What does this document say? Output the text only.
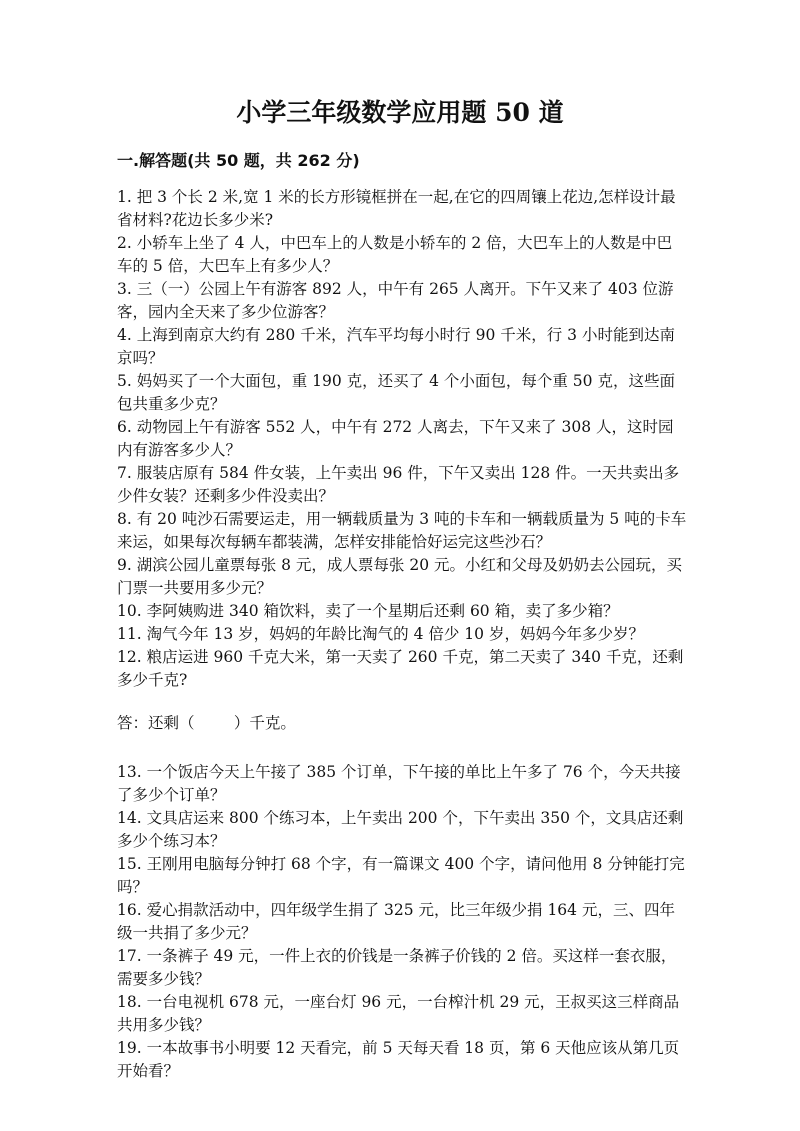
小学三年级数学应用题 50 道
一.解答题(共 50 题，共 262 分)

1. 把 3 个长 2 米,宽 1 米的长方形镜框拼在一起,在它的四周镶上花边,怎样设计最省材料?花边长多少米?

2. 小轿车上坐了 4 人，中巴车上的人数是小轿车的 2 倍，大巴车上的人数是中巴车的 5 倍，大巴车上有多少人？

3. 三（一）公园上午有游客 892 人，中午有 265 人离开。下午又来了 403 位游客，园内全天来了多少位游客？

4. 上海到南京大约有 280 千米，汽车平均每小时行 90 千米，行 3 小时能到达南京吗？

5. 妈妈买了一个大面包，重 190 克，还买了 4 个小面包，每个重 50 克，这些面包共重多少克？

6. 动物园上午有游客 552 人，中午有 272 人离去，下午又来了 308 人，这时园内有游客多少人？

7. 服装店原有 584 件女装，上午卖出 96 件，下午又卖出 128 件。一天共卖出多少件女装？还剩多少件没卖出？

8. 有 20 吨沙石需要运走，用一辆载质量为 3 吨的卡车和一辆载质量为 5 吨的卡车来运，如果每次每辆车都装满，怎样安排能恰好运完这些沙石？

9. 湖滨公园儿童票每张 8 元，成人票每张 20 元。小红和父母及奶奶去公园玩，买门票一共要用多少元？

10. 李阿姨购进 340 箱饮料，卖了一个星期后还剩 60 箱，卖了多少箱？

11. 淘气今年 13 岁，妈妈的年龄比淘气的 4 倍少 10 岁，妈妈今年多少岁？

12. 粮店运进 960 千克大米，第一天卖了 260 千克，第二天卖了 340 千克，还剩多少千克?

答：还剩（        ）千克。

13. 一个饭店今天上午接了 385 个订单，下午接的单比上午多了 76 个，今天共接了多少个订单？

14. 文具店运来 800 个练习本，上午卖出 200 个，下午卖出 350 个，文具店还剩多少个练习本？

15. 王刚用电脑每分钟打 68 个字，有一篇课文 400 个字，请问他用 8 分钟能打完吗？

16. 爱心捐款活动中，四年级学生捐了 325 元，比三年级少捐 164 元，三、四年级一共捐了多少元？

17. 一条裤子 49 元，一件上衣的价钱是一条裤子价钱的 2 倍。买这样一套衣服，需要多少钱？

18. 一台电视机 678 元，一座台灯 96 元，一台榨汁机 29 元，王叔买这三样商品共用多少钱？

19. 一本故事书小明要 12 天看完，前 5 天每天看 18 页，第 6 天他应该从第几页开始看？
